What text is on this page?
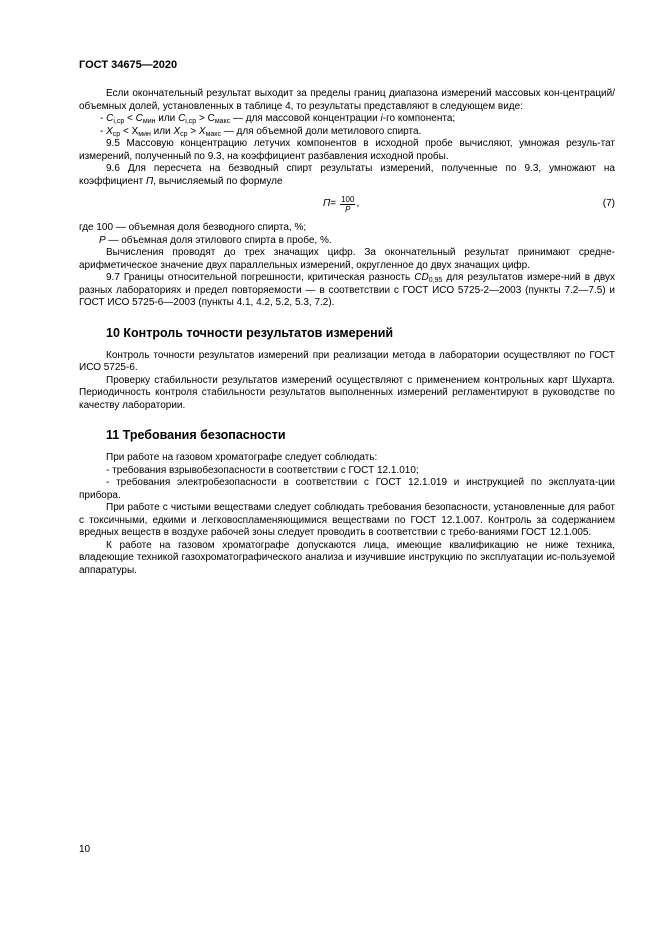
ГОСТ 34675—2020

Если окончательный результат выходит за пределы границ диапазона измерений массовых кон-центраций/объемных долей, установленных в таблице 4, то результаты представляют в следующем виде:

- $C_{i,cp} < C_{мин}$ или $C_{i,cp} > C_{макс}$ — для массовой концентрации i-го компонента;

- $X_{cp} < X_{мин}$ или $X_{cp} > X_{макс}$ — для объемной доли метилового спирта.

9.5 Массовую концентрацию летучих компонентов в исходной пробе вычисляют, умножая резуль-тат измерений, полученный по 9.3, на коэффициент разбавления исходной пробы.

9.6 Для пересчета на безводный спирт результаты измерений, полученные по 9.3, умножают на коэффициент П, вычисляемый по формуле

$П = \frac{100}{P}$ ,	(7)

где 100 — объемная доля безводного спирта, %;

P — объемная доля этилового спирта в пробе, %.

Вычисления проводят до трех значащих цифр. За окончательный результат принимают средне-арифметическое значение двух параллельных измерений, округленное до двух значащих цифр.

9.7 Границы относительной погрешности, критическая разность $CD_{0,95}$ для результатов измере-ний в двух разных лабораториях и предел повторяемости — в соответствии с ГОСТ ИСО 5725-2—2003 (пункты 7.2—7.5) и ГОСТ ИСО 5725-6—2003 (пункты 4.1, 4.2, 5.2, 5.3, 7.2).

10 Контроль точности результатов измерений

Контроль точности результатов измерений при реализации метода в лаборатории осуществляют по ГОСТ ИСО 5725-6.

Проверку стабильности результатов измерений осуществляют с применением контрольных карт Шухарта. Периодичность контроля стабильности результатов выполненных измерений регламентируют в руководстве по качеству лаборатории.

11 Требования безопасности

При работе на газовом хроматографе следует соблюдать:

- требования взрывобезопасности в соответствии с ГОСТ 12.1.010;

- требования электробезопасности в соответствии с ГОСТ 12.1.019 и инструкцией по эксплуата-ции прибора.

При работе с чистыми веществами следует соблюдать требования безопасности, установленные для работ с токсичными, едкими и легковоспламеняющимися веществами по ГОСТ 12.1.007. Контроль за содержанием вредных веществ в воздухе рабочей зоны следует проводить в соответствии с требо-ваниями ГОСТ 12.1.005.

К работе на газовом хроматографе допускаются лица, имеющие квалификацию не ниже техника, владеющие техникой газохроматографического анализа и изучившие инструкцию по эксплуатации ис-пользуемой аппаратуры.

10
